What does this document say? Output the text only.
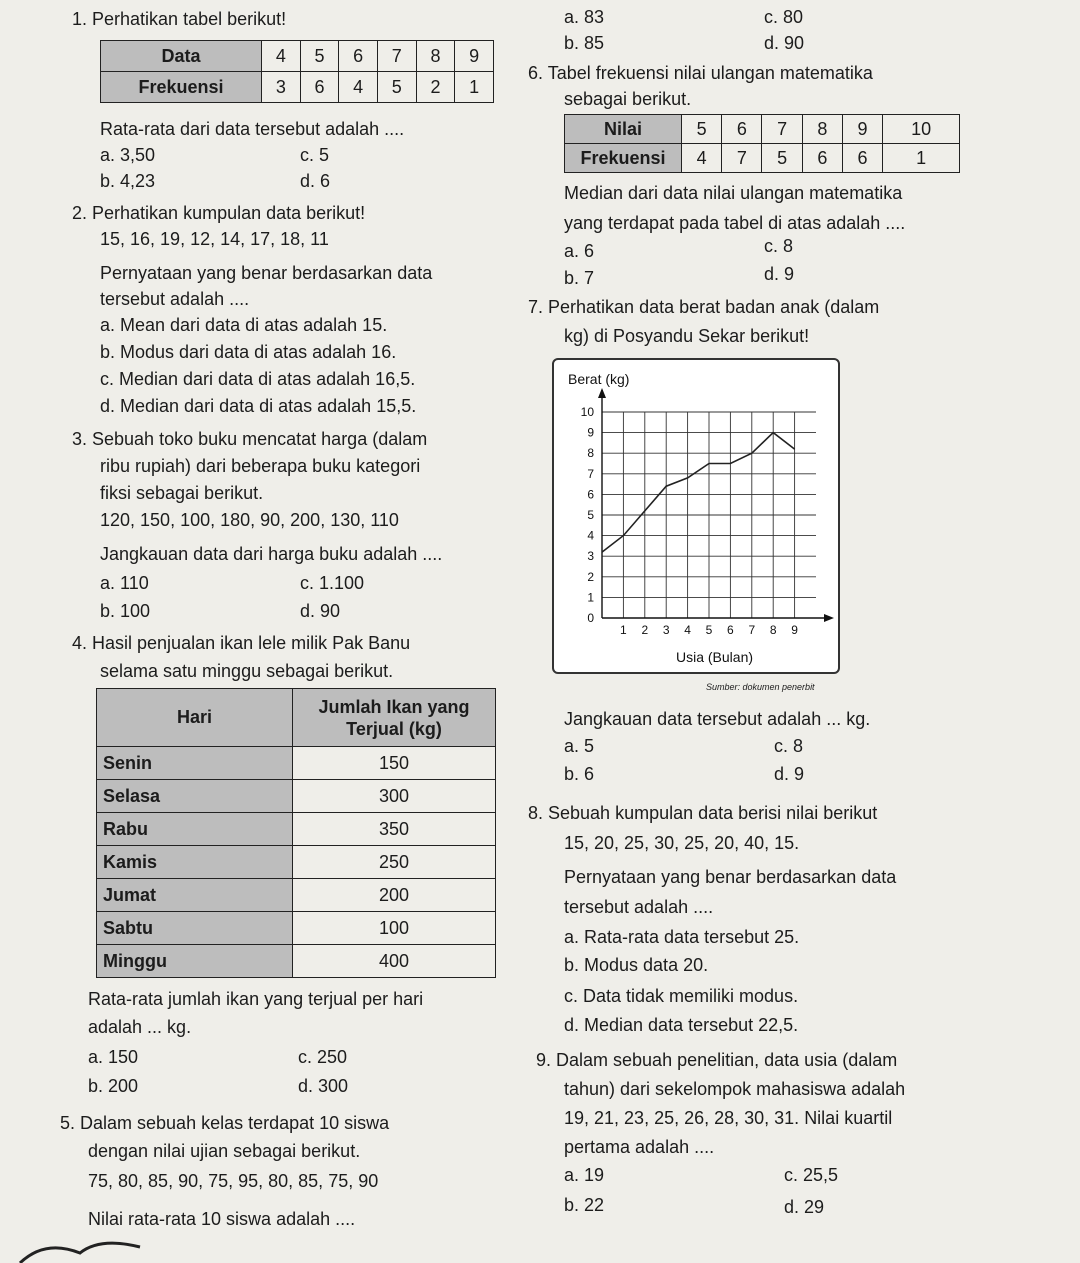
1. Perhatikan tabel berikut!
Data	4	5	6	7	8	9
Frekuensi	3	6	4	5	2	1
Rata-rata dari data tersebut adalah ....
a. 3,50	c. 5
b. 4,23	d. 6
2. Perhatikan kumpulan data berikut!
15, 16, 19, 12, 14, 17, 18, 11
Pernyataan yang benar berdasarkan data
tersebut adalah ....
a. Mean dari data di atas adalah 15.
b. Modus dari data di atas adalah 16.
c. Median dari data di atas adalah 16,5.
d. Median dari data di atas adalah 15,5.
3. Sebuah toko buku mencatat harga (dalam
ribu rupiah) dari beberapa buku kategori
fiksi sebagai berikut.
120, 150, 100, 180, 90, 200, 130, 110
Jangkauan data dari harga buku adalah ....
a. 110	c. 1.100
b. 100	d. 90
4. Hasil penjualan ikan lele milik Pak Banu
selama satu minggu sebagai berikut.
Hari	Jumlah Ikan yang
Terjual (kg)
Senin	150
Selasa	300
Rabu	350
Kamis	250
Jumat	200
Sabtu	100
Minggu	400
Rata-rata jumlah ikan yang terjual per hari
adalah ... kg.
a. 150	c. 250
b. 200	d. 300
5. Dalam sebuah kelas terdapat 10 siswa
dengan nilai ujian sebagai berikut.
75, 80, 85, 90, 75, 95, 80, 85, 75, 90
Nilai rata-rata 10 siswa adalah ....
a. 83	c. 80
b. 85	d. 90
6. Tabel frekuensi nilai ulangan matematika
sebagai berikut.
Nilai	5	6	7	8	9	10
Frekuensi	4	7	5	6	6	1
Median dari data nilai ulangan matematika
yang terdapat pada tabel di atas adalah ....
a. 6	c. 8
b. 7	d. 9
7. Perhatikan data berat badan anak (dalam
kg) di Posyandu Sekar berikut!
0
1
2
3
4
5
6
7
8
9
10
1 2 3 4 5 6 7 8 9
Berat (kg)
Usia (Bulan)
Sumber: dokumen penerbit
Jangkauan data tersebut adalah ... kg.
a. 5	c. 8
b. 6	d. 9
8. Sebuah kumpulan data berisi nilai berikut
15, 20, 25, 30, 25, 20, 40, 15.
Pernyataan yang benar berdasarkan data
tersebut adalah ....
a. Rata-rata data tersebut 25.
b. Modus data 20.
c. Data tidak memiliki modus.
d. Median data tersebut 22,5.
9. Dalam sebuah penelitian, data usia (dalam
tahun) dari sekelompok mahasiswa adalah
19, 21, 23, 25, 26, 28, 30, 31. Nilai kuartil
pertama adalah ....
a. 19	c. 25,5
b. 22	d. 29
